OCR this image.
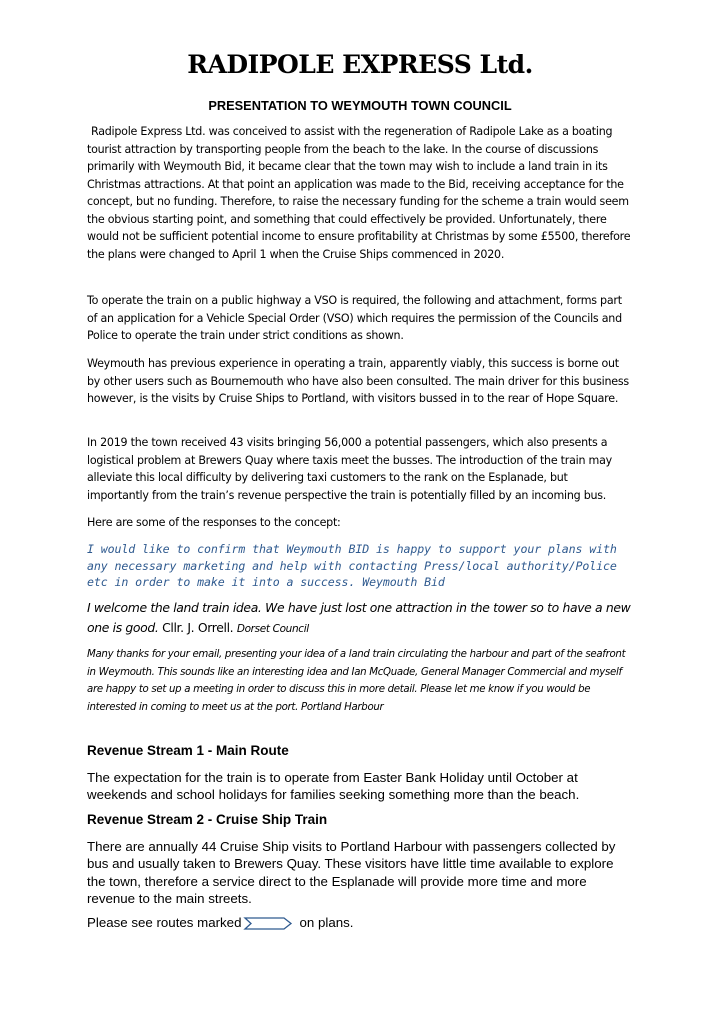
RADIPOLE EXPRESS Ltd.
PRESENTATION TO WEYMOUTH TOWN COUNCIL

Radipole Express Ltd. was conceived to assist with the regeneration of Radipole Lake as a boating tourist attraction by transporting people from the beach to the lake. In the course of discussions primarily with Weymouth Bid, it became clear that the town may wish to include a land train in its Christmas attractions. At that point an application was made to the Bid, receiving acceptance for the concept, but no funding. Therefore, to raise the necessary funding for the scheme a train would seem the obvious starting point, and something that could effectively be provided. Unfortunately, there would not be sufficient potential income to ensure profitability at Christmas by some £5500, therefore the plans were changed to April 1 when the Cruise Ships commenced in 2020.

To operate the train on a public highway a VSO is required, the following and attachment, forms part of an application for a Vehicle Special Order (VSO) which requires the permission of the Councils and Police to operate the train under strict conditions as shown.

Weymouth has previous experience in operating a train, apparently viably, this success is borne out by other users such as Bournemouth who have also been consulted. The main driver for this business however, is the visits by Cruise Ships to Portland, with visitors bussed in to the rear of Hope Square.

In 2019 the town received 43 visits bringing 56,000 a potential passengers, which also presents a logistical problem at Brewers Quay where taxis meet the busses. The introduction of the train may alleviate this local difficulty by delivering taxi customers to the rank on the Esplanade, but importantly from the train’s revenue perspective the train is potentially filled by an incoming bus.

Here are some of the responses to the concept:

I would like to confirm that Weymouth BID is happy to support your plans with any necessary marketing and help with contacting Press/local authority/Police etc in order to make it into a success. Weymouth Bid

I welcome the land train idea. We have just lost one attraction in the tower so to have a new one is good. Cllr. J. Orrell. Dorset Council

Many thanks for your email, presenting your idea of a land train circulating the harbour and part of the seafront in Weymouth. This sounds like an interesting idea and Ian McQuade, General Manager Commercial and myself are happy to set up a meeting in order to discuss this in more detail. Please let me know if you would be interested in coming to meet us at the port. Portland Harbour

Revenue Stream 1 - Main Route

The expectation for the train is to operate from Easter Bank Holiday until October at weekends and school holidays for families seeking something more than the beach.

Revenue Stream 2 - Cruise Ship Train

There are annually 44 Cruise Ship visits to Portland Harbour with passengers collected by bus and usually taken to Brewers Quay. These visitors have little time available to explore the town, therefore a service direct to the Esplanade will provide more time and more revenue to the main streets.

Please see routes marked	on plans.
